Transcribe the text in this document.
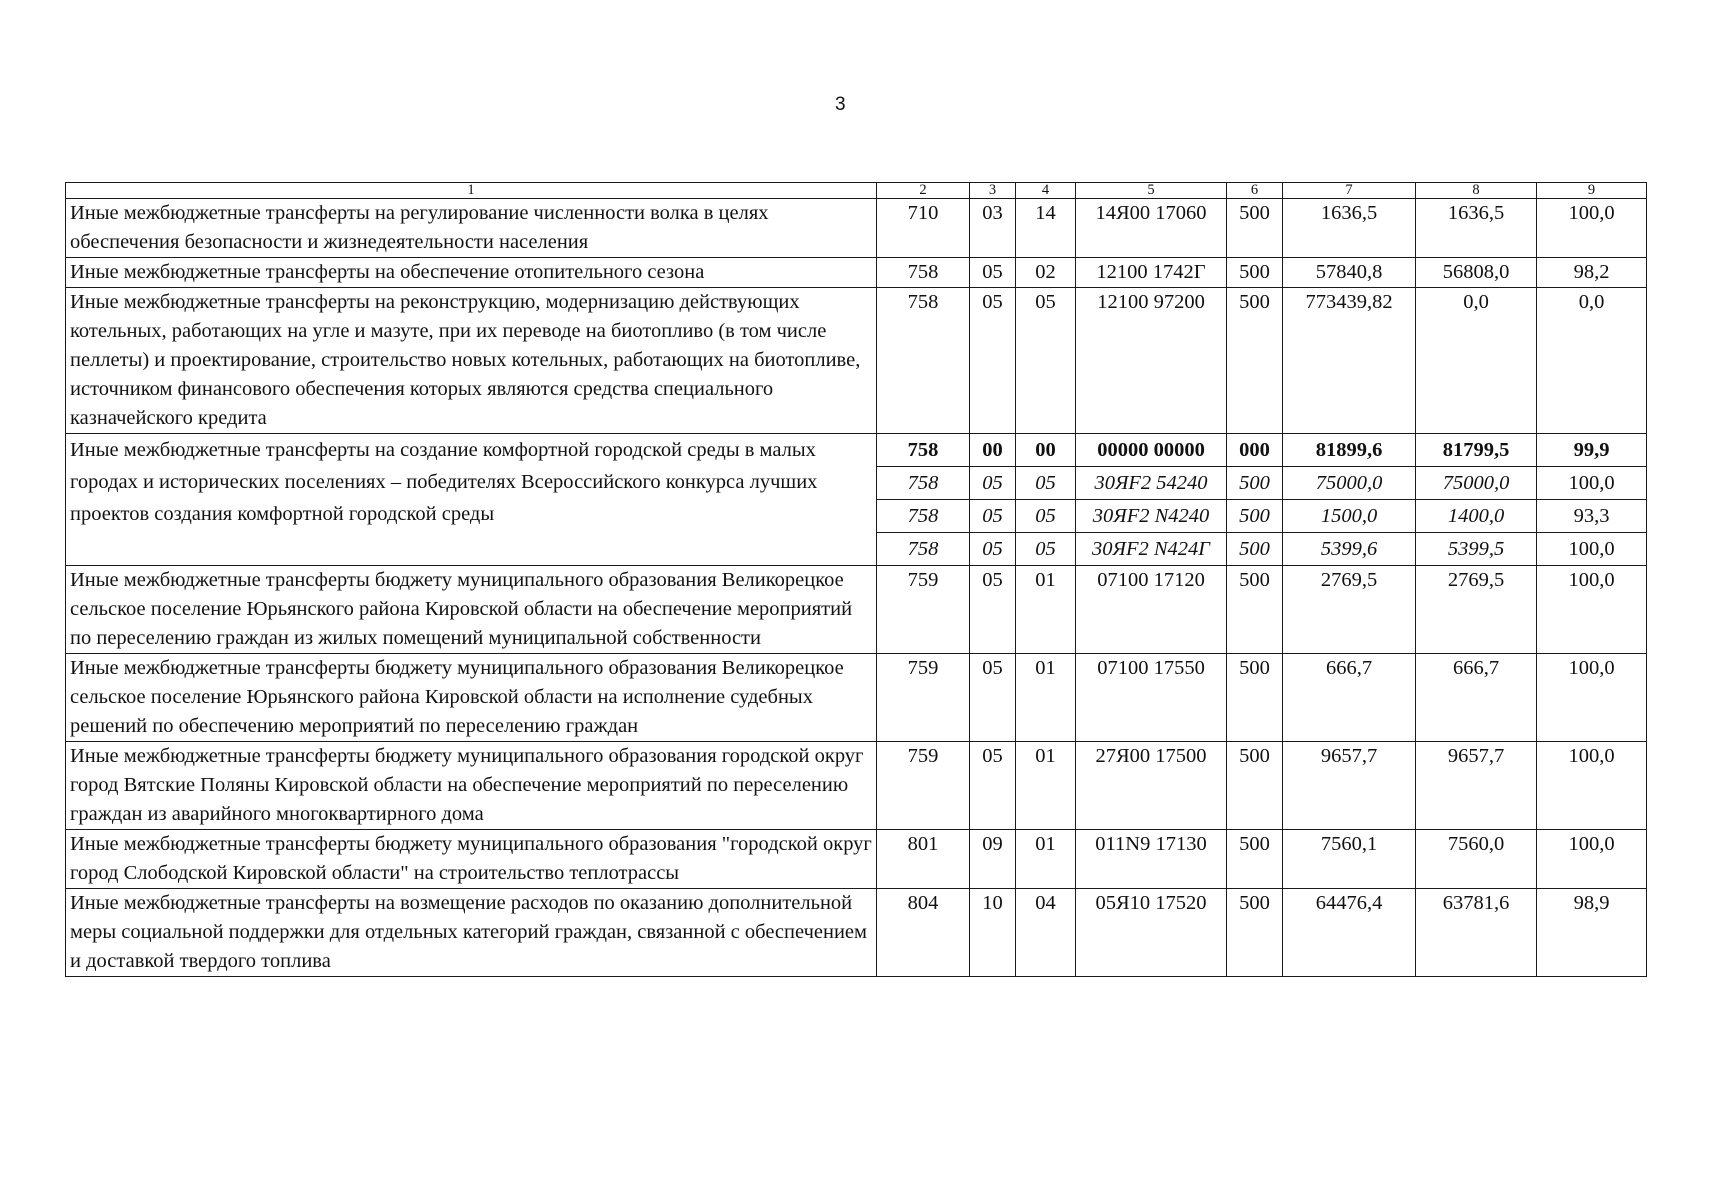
3
1	2	3	4	5	6	7	8	9
Иные межбюджетные трансферты на регулирование численности волка в целях обеспечения безопасности и жизнедеятельности населения	710	03	14	14Я00 17060	500	1636,5	1636,5	100,0
Иные межбюджетные трансферты на обеспечение отопительного сезона	758	05	02	12100 1742Г	500	57840,8	56808,0	98,2
Иные межбюджетные трансферты на реконструкцию, модернизацию действующих котельных, работающих на угле и мазуте, при их переводе на биотопливо (в том числе пеллеты) и проектирование, строительство новых котельных, работающих на биотопливе, источником финансового обеспечения которых являются средства специального казначейского кредита	758	05	05	12100 97200	500	773439,82	0,0	0,0
Иные межбюджетные трансферты на создание комфортной городской среды в малых городах и исторических поселениях – победителях Всероссийского конкурса лучших проектов создания комфортной городской среды	758	00	00	00000 00000	000	81899,6	81799,5	99,9
	758	05	05	30ЯF2 54240	500	75000,0	75000,0	100,0
	758	05	05	30ЯF2 N4240	500	1500,0	1400,0	93,3
	758	05	05	30ЯF2 N424Г	500	5399,6	5399,5	100,0
Иные межбюджетные трансферты бюджету муниципального образования Великорецкое сельское поселение Юрьянского района Кировской области на обеспечение мероприятий по переселению граждан из жилых помещений муниципальной собственности	759	05	01	07100 17120	500	2769,5	2769,5	100,0
Иные межбюджетные трансферты бюджету муниципального образования Великорецкое сельское поселение Юрьянского района Кировской области на исполнение судебных решений по обеспечению мероприятий по переселению граждан	759	05	01	07100 17550	500	666,7	666,7	100,0
Иные межбюджетные трансферты бюджету муниципального образования городской округ город Вятские Поляны Кировской области на обеспечение мероприятий по переселению граждан из аварийного многоквартирного дома	759	05	01	27Я00 17500	500	9657,7	9657,7	100,0
Иные межбюджетные трансферты бюджету муниципального образования "городской округ город Слободской Кировской области" на строительство теплотрассы	801	09	01	011N9 17130	500	7560,1	7560,0	100,0
Иные межбюджетные трансферты на возмещение расходов по оказанию дополнительной меры социальной поддержки для отдельных категорий граждан, связанной с обеспечением и доставкой твердого топлива	804	10	04	05Я10 17520	500	64476,4	63781,6	98,9
